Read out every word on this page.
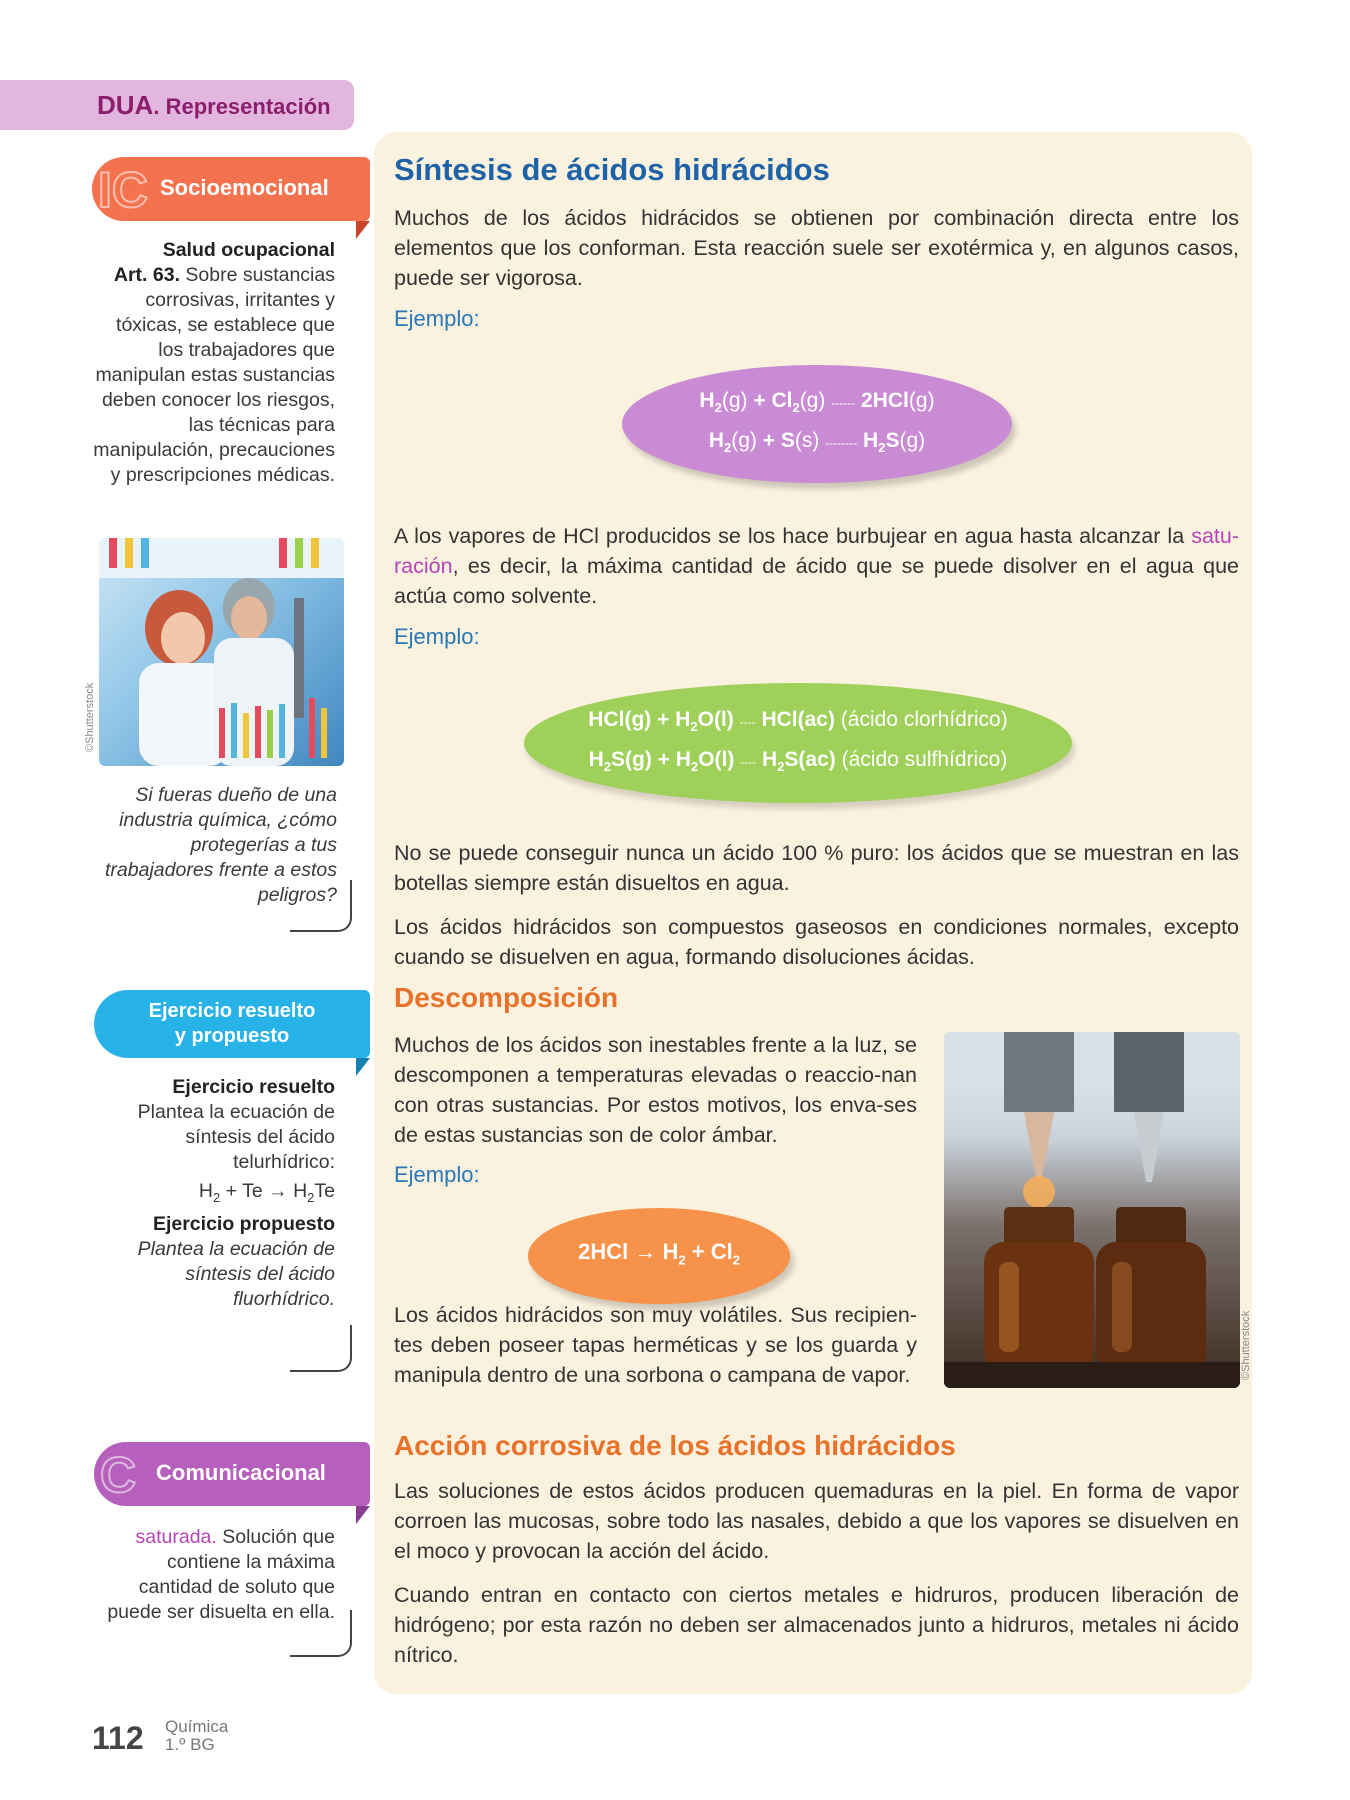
DUA. Representación
Síntesis de ácidos hidrácidos
Muchos de los ácidos hidrácidos se obtienen por combinación directa entre los elementos que los conforman. Esta reacción suele ser exotérmica y, en algunos casos, puede ser vigorosa.
Ejemplo:
$H_2(g) + Cl_2(g)$ ------ 2HCl(g)
$H_2(g) + S(s)$ -------- $H_2S(g)$
A los vapores de HCl producidos se los hace burbujear en agua hasta alcanzar la satu-ración, es decir, la máxima cantidad de ácido que se puede disolver en el agua que actúa como solvente.
Ejemplo:
$HCl(g) + H_2O(l)$ ---- HCl(ac) (ácido clorhídrico)
$H_2S(g) + H_2O(l)$ ---- $H_2S(ac)$ (ácido sulfhídrico)
No se puede conseguir nunca un ácido 100 % puro: los ácidos que se muestran en las botellas siempre están disueltos en agua.
Los ácidos hidrácidos son compuestos gaseosos en condiciones normales, excepto cuando se disuelven en agua, formando disoluciones ácidas.
Descomposición
Muchos de los ácidos son inestables frente a la luz, se descomponen a temperaturas elevadas o reaccio-nan con otras sustancias. Por estos motivos, los enva-ses de estas sustancias son de color ámbar.
Ejemplo:
$2HCl \to H_2 + Cl_2$
Los ácidos hidrácidos son muy volátiles. Sus recipien-tes deben poseer tapas herméticas y se los guarda y manipula dentro de una sorbona o campana de vapor.	©Shutterstock
Acción corrosiva de los ácidos hidrácidos
Las soluciones de estos ácidos producen quemaduras en la piel. En forma de vapor corroen las mucosas, sobre todo las nasales, debido a que los vapores se disuelven en el moco y provocan la acción del ácido.
Cuando entran en contacto con ciertos metales e hidruros, producen liberación de hidrógeno; por esta razón no deben ser almacenados junto a hidruros, metales ni ácido nítrico.
IC Socioemocional
Salud ocupacional
Art. 63. Sobre sustancias corrosivas, irritantes y tóxicas, se establece que los trabajadores que manipulan estas sustancias deben conocer los riesgos, las técnicas para manipulación, precauciones y prescripciones médicas.
©Shutterstock
Si fueras dueño de una industria química, ¿cómo protegerías a tus trabajadores frente a estos peligros?
Ejercicio resuelto
y propuesto
Ejercicio resuelto
Plantea la ecuación de síntesis del ácido telurhídrico:
$H_2 + Te \to H_2Te$
Ejercicio propuesto
Plantea la ecuación de síntesis del ácido fluorhídrico.
C Comunicacional
saturada. Solución que contiene la máxima cantidad de soluto que puede ser disuelta en ella.
112 Química
1.º BG
